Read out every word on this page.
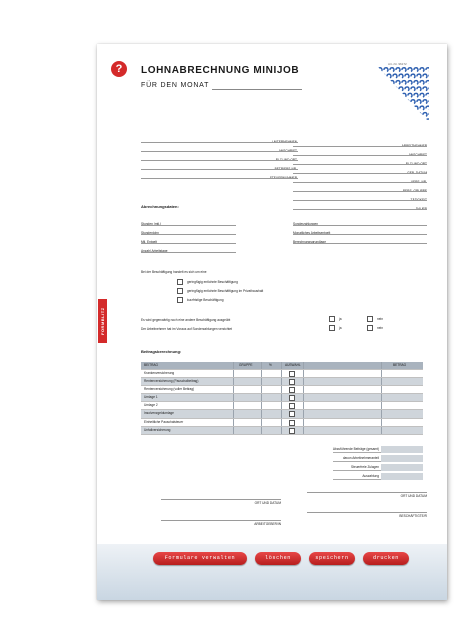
?	LOHNABRECHNUNG MINIJOB
FÜR DEN MONAT
Art.-Nr. 96172
FORMBLITZ
UNTERNEHMEN
ANSCHRIFT
PLZ UND ORT
BETRIEBS-NR.
STEUERNUMMER
ARBEITNEHMER
ANSCHRIFT
PLZ UND ORT
GEB.-DATUM
VERS.-NR.
PERS.-GRUPPE
TÄTIGKEIT
DAUER
Abrechnungsdaten:
Stunden (mtl.)
Stundenlohn
Mtl. Entgelt
Anzahl Arbeitstage
Sonderzahlungen
Monatliches Arbeitsentgelt
Berechnungsgrundlage
Bei der Beschäftigung handelt es sich um eine
geringfügig entlohnte Beschäftigung
geringfügig entlohnte Beschäftigung im Privathaushalt
kurzfristige Beschäftigung
Es wird gegenwärtig noch eine andere Beschäftigung ausgeübt	ja	nein
Der Arbeitnehmer hat im Voraus auf Sonderzahlungen verzichtet	ja	nein
Beitragsberechnung:
BEITRAG	GRUPPE	%	AUSWAHL	BETRAG
Krankenversicherung
Rentenversicherung (Pauschalbeitrag)
Rentenversicherung (voller Beitrag)
Umlage 1
Umlage 2
Insolvenzgeldumlage
Einheitliche Pauschalsteuer
Unfallversicherung
Abzuführende Beiträge (gesamt)
davon Arbeitnehmeranteil
Steuerfreie Zulagen
Auszahlung
ORT UND DATUM
ARBEITGEBER/IN
ORT UND DATUM
BESCHÄFTIGTE/R
Formulare verwalten	löschen	speichern	drucken
